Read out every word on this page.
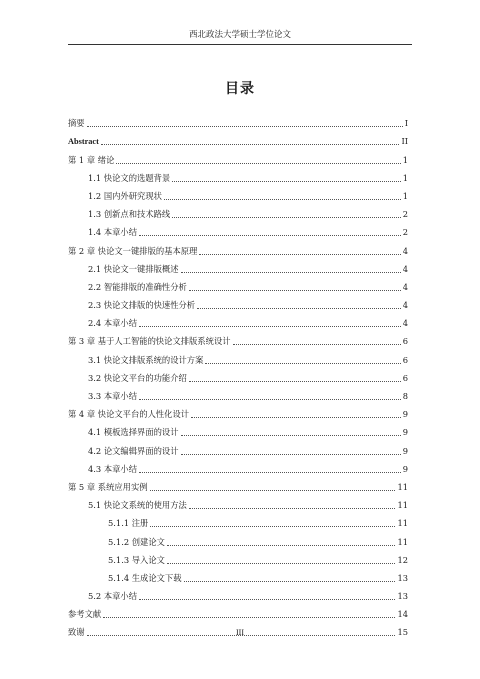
西北政法大学硕士学位论文
目录
摘要	I
Abstract	II
第 1 章 绪论	1
1.1 快论文的选题背景	1
1.2 国内外研究现状	1
1.3 创新点和技术路线	2
1.4 本章小结	2
第 2 章 快论文一键排版的基本原理	4
2.1 快论文一键排版概述	4
2.2 智能排版的准确性分析	4
2.3 快论文排版的快速性分析	4
2.4 本章小结	4
第 3 章 基于人工智能的快论文排版系统设计	6
3.1 快论文排版系统的设计方案	6
3.2 快论文平台的功能介绍	6
3.3 本章小结	8
第 4 章 快论文平台的人性化设计	9
4.1 模板选择界面的设计	9
4.2 论文编辑界面的设计	9
4.3 本章小结	9
第 5 章 系统应用实例	11
5.1 快论文系统的使用方法	11
5.1.1 注册	11
5.1.2 创建论文	11
5.1.3 导入论文	12
5.1.4 生成论文下载	13
5.2 本章小结	13
参考文献	14
致谢	15
III
